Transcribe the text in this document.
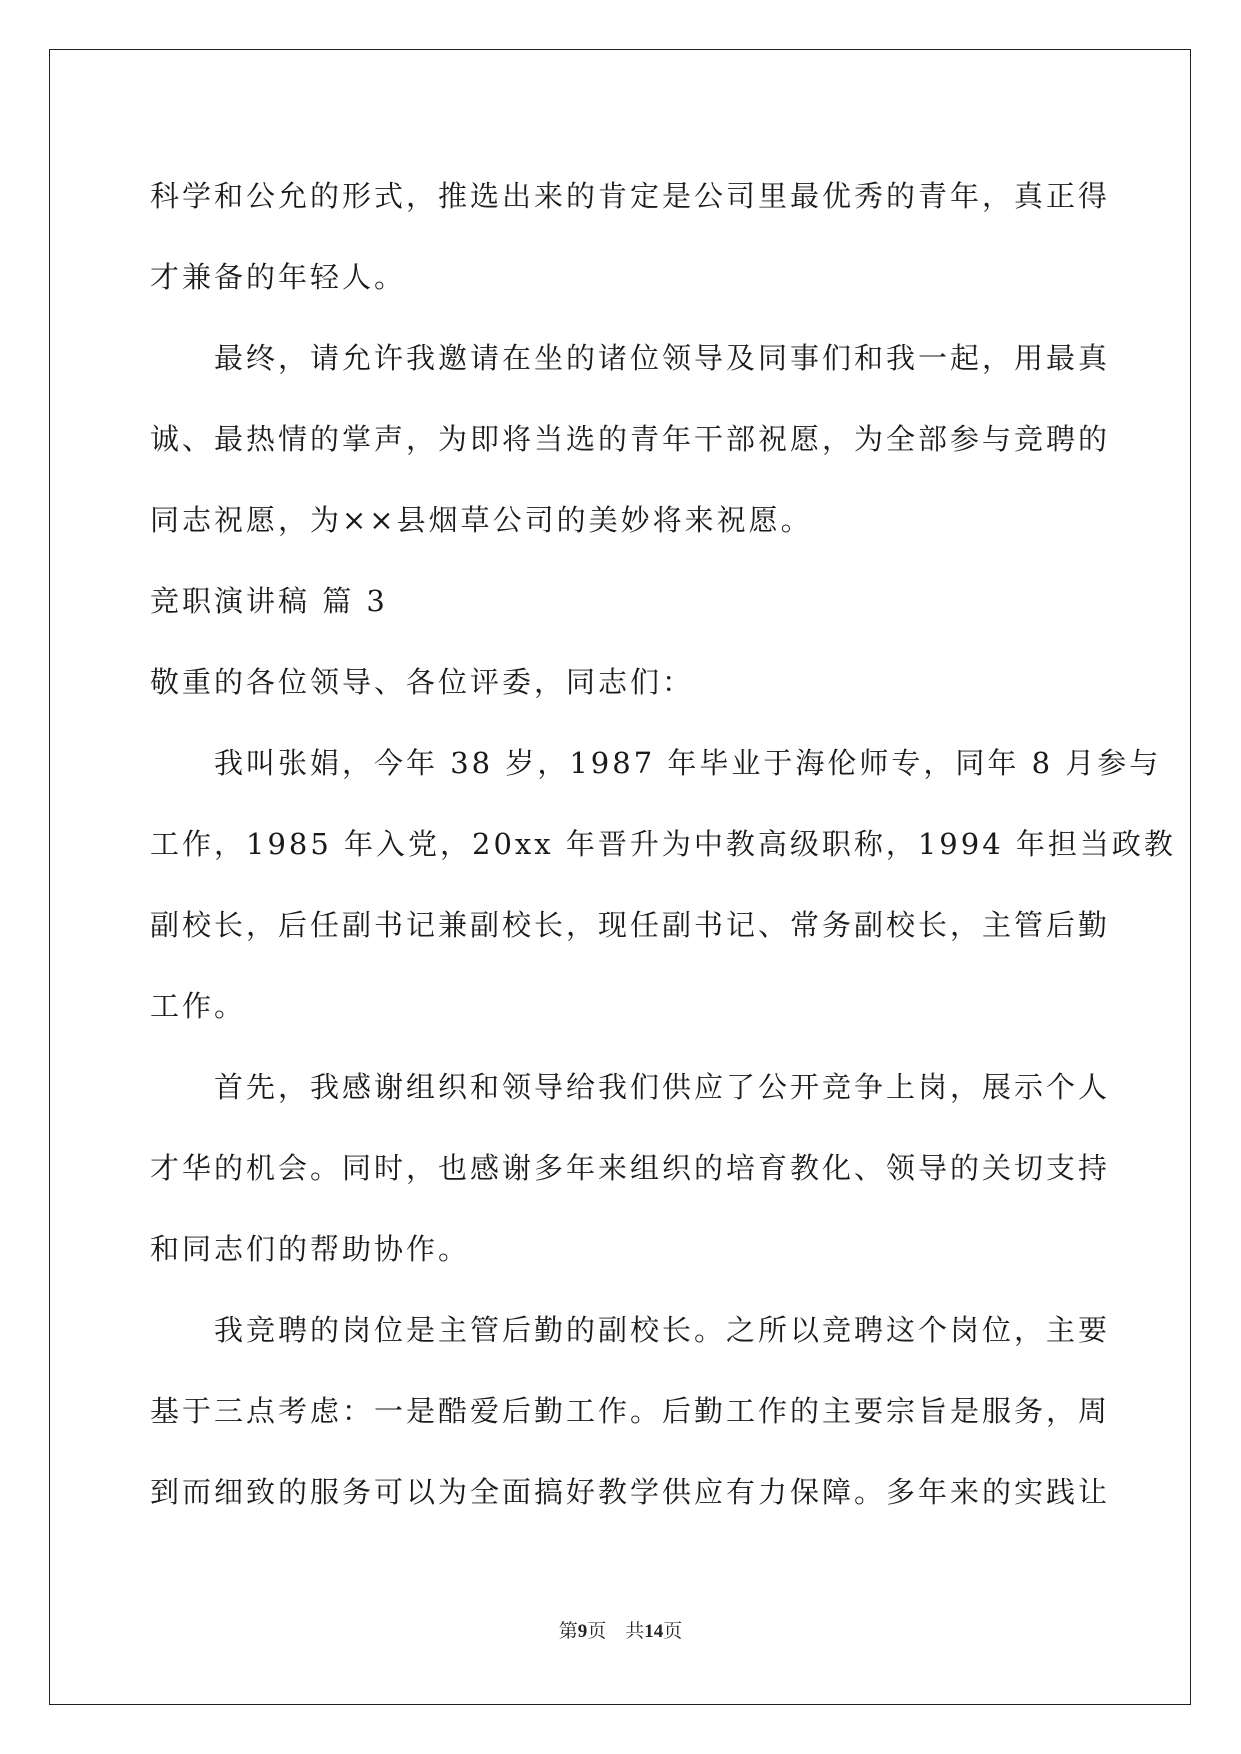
科学和公允的形式，推选出来的肯定是公司里最优秀的青年，真正得
才兼备的年轻人。
最终，请允许我邀请在坐的诸位领导及同事们和我一起，用最真
诚、最热情的掌声，为即将当选的青年干部祝愿，为全部参与竞聘的
同志祝愿，为××县烟草公司的美妙将来祝愿。
竞职演讲稿 篇 3
敬重的各位领导、各位评委，同志们：
我叫张娟，今年 38 岁，1987 年毕业于海伦师专，同年 8 月参与
工作，1985 年入党，20xx 年晋升为中教高级职称，1994 年担当政教
副校长，后任副书记兼副校长，现任副书记、常务副校长，主管后勤
工作。
首先，我感谢组织和领导给我们供应了公开竞争上岗，展示个人
才华的机会。同时，也感谢多年来组织的培育教化、领导的关切支持
和同志们的帮助协作。
我竞聘的岗位是主管后勤的副校长。之所以竞聘这个岗位，主要
基于三点考虑：一是酷爱后勤工作。后勤工作的主要宗旨是服务，周
到而细致的服务可以为全面搞好教学供应有力保障。多年来的实践让
第9页　共14页
